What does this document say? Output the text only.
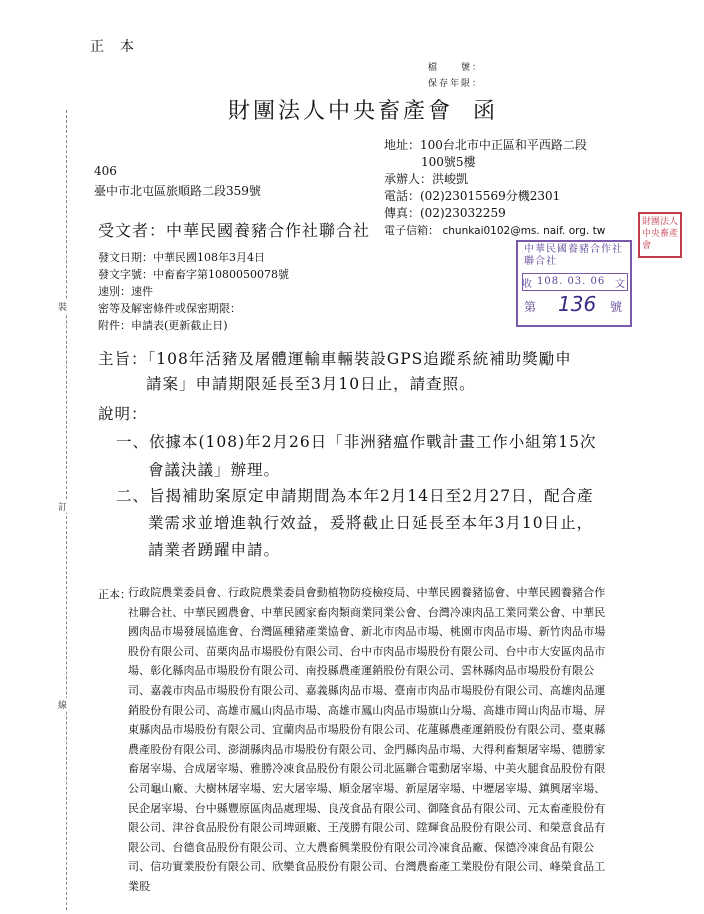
裝
訂
線
正本
檔　　號：
保存年限：
財團法人中央畜產會 函
地址：100台北市中正區和平西路二段
100號5樓
承辦人：洪峻凱
電話：(02)23015569分機2301
傳真：(02)23032259
電子信箱： chunkai0102@ms. naif. org. tw
406
臺中市北屯區旅順路二段359號
受文者：中華民國養豬合作社聯合社
發文日期：中華民國108年3月4日
發文字號：中畜畜字第1080050078號
速別：速件
密等及解密條件或保密期限：
附件：申請表(更新截止日)
中華民國養豬合作社聯合社
收 108. 03. 06 文
第 136 號
財團法人中央畜產會
主旨：「108年活豬及屠體運輸車輛裝設GPS追蹤系統補助獎勵申
請案」申請期限延長至3月10日止，請查照。
說明：
一、依據本(108)年2月26日「非洲豬瘟作戰計畫工作小組第15次
會議決議」辦理。
二、旨揭補助案原定申請期間為本年2月14日至2月27日，配合產
業需求並增進執行效益，爰將截止日延長至本年3月10日止，
請業者踴躍申請。
正本：
行政院農業委員會、行政院農業委員會動植物防疫檢疫局、中華民國養豬協會、中華民國養豬合作社聯合社、中華民國農會、中華民國家畜肉類商業同業公會、台灣冷凍肉品工業同業公會、中華民國肉品市場發展協進會、台灣區種豬產業協會、新北市肉品市場、桃園市肉品市場、新竹肉品市場股份有限公司、苗栗肉品市場股份有限公司、台中市肉品市場股份有限公司、台中市大安區肉品市場、彰化縣肉品市場股份有限公司、南投縣農產運銷股份有限公司、雲林縣肉品市場股份有限公司、嘉義市肉品市場股份有限公司、嘉義縣肉品市場、臺南市肉品市場股份有限公司、高雄肉品運銷股份有限公司、高雄市鳳山肉品市場、高雄市鳳山肉品市場旗山分場、高雄市岡山肉品市場、屏東縣肉品市場股份有限公司、宜蘭肉品市場股份有限公司、花蓮縣農產運銷股份有限公司、臺東縣農產股份有限公司、澎湖縣肉品市場股份有限公司、金門縣肉品市場、大得利畜類屠宰場、德勝家畜屠宰場、合成屠宰場、雅勝冷凍食品股份有限公司北區聯合電動屠宰場、中美火腿食品股份有限公司龜山廠、大樹林屠宰場、宏大屠宰場、順金屠宰場、新屋屠宰場、中壢屠宰場、鎮興屠宰場、民企屠宰場、台中縣豐原區肉品處理場、良茂食品有限公司、御隆食品有限公司、元太畜產股份有限公司、津谷食品股份有限公司埤頭廠、王茂勝有限公司、陞輝食品股份有限公司、和榮意食品有限公司、台德食品股份有限公司、立大農畜興業股份有限公司冷凍食品廠、保德冷凍食品有限公司、信功實業股份有限公司、欣樂食品股份有限公司、台灣農畜產工業股份有限公司、峰榮食品工業股
